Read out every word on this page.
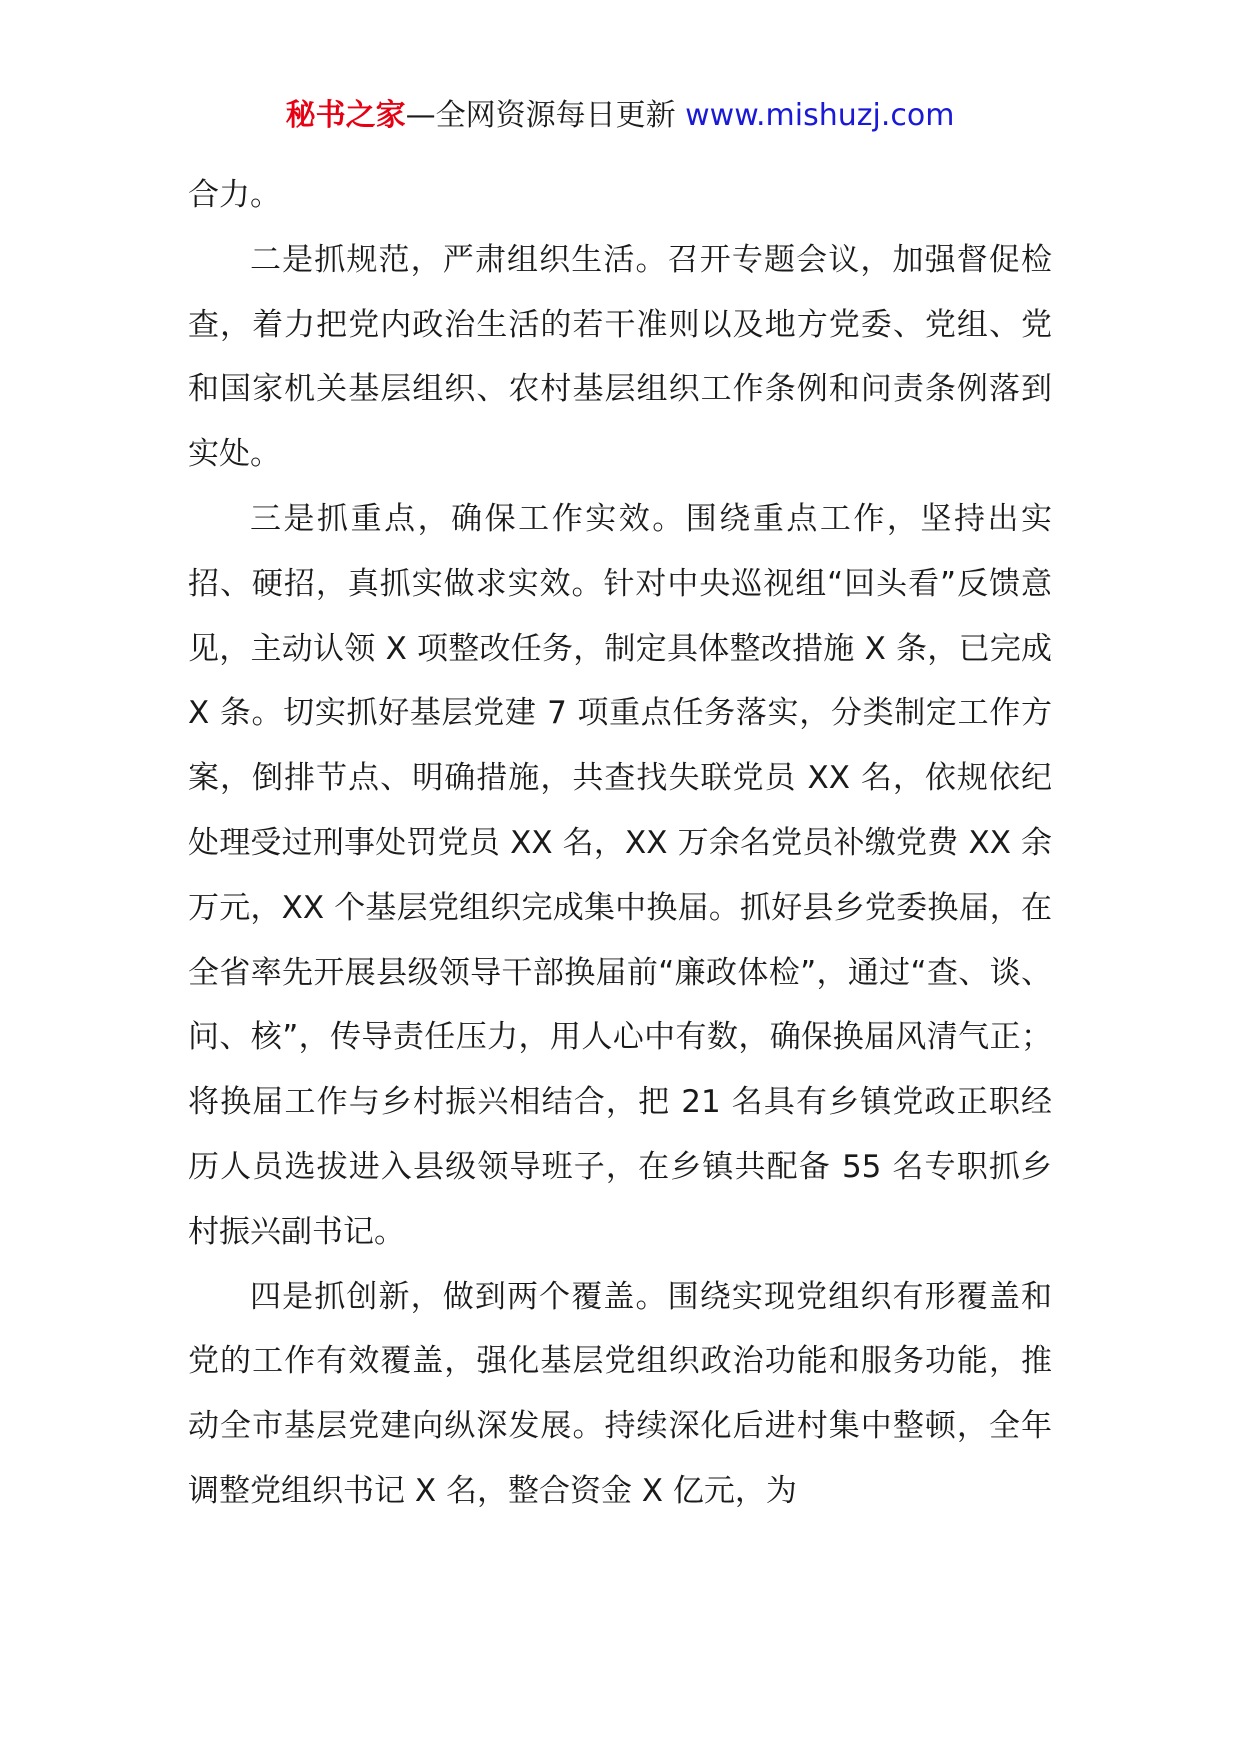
秘书之家—全网资源每日更新 www.mishuzj.com

合力。

二是抓规范，严肃组织生活。召开专题会议，加强督促检查，着力把党内政治生活的若干准则以及地方党委、党组、党和国家机关基层组织、农村基层组织工作条例和问责条例落到实处。

三是抓重点，确保工作实效。围绕重点工作，坚持出实招、硬招，真抓实做求实效。针对中央巡视组“回头看”反馈意见，主动认领 X 项整改任务，制定具体整改措施 X 条，已完成 X 条。切实抓好基层党建 7 项重点任务落实，分类制定工作方案，倒排节点、明确措施，共查找失联党员 XX 名，依规依纪处理受过刑事处罚党员 XX 名，XX 万余名党员补缴党费 XX 余万元，XX 个基层党组织完成集中换届。抓好县乡党委换届，在全省率先开展县级领导干部换届前“廉政体检”，通过“查、谈、问、核”，传导责任压力，用人心中有数，确保换届风清气正；将换届工作与乡村振兴相结合，把 21 名具有乡镇党政正职经历人员选拔进入县级领导班子，在乡镇共配备 55 名专职抓乡村振兴副书记。

四是抓创新，做到两个覆盖。围绕实现党组织有形覆盖和党的工作有效覆盖，强化基层党组织政治功能和服务功能，推动全市基层党建向纵深发展。持续深化后进村集中整顿，全年调整党组织书记 X 名，整合资金 X 亿元，为
